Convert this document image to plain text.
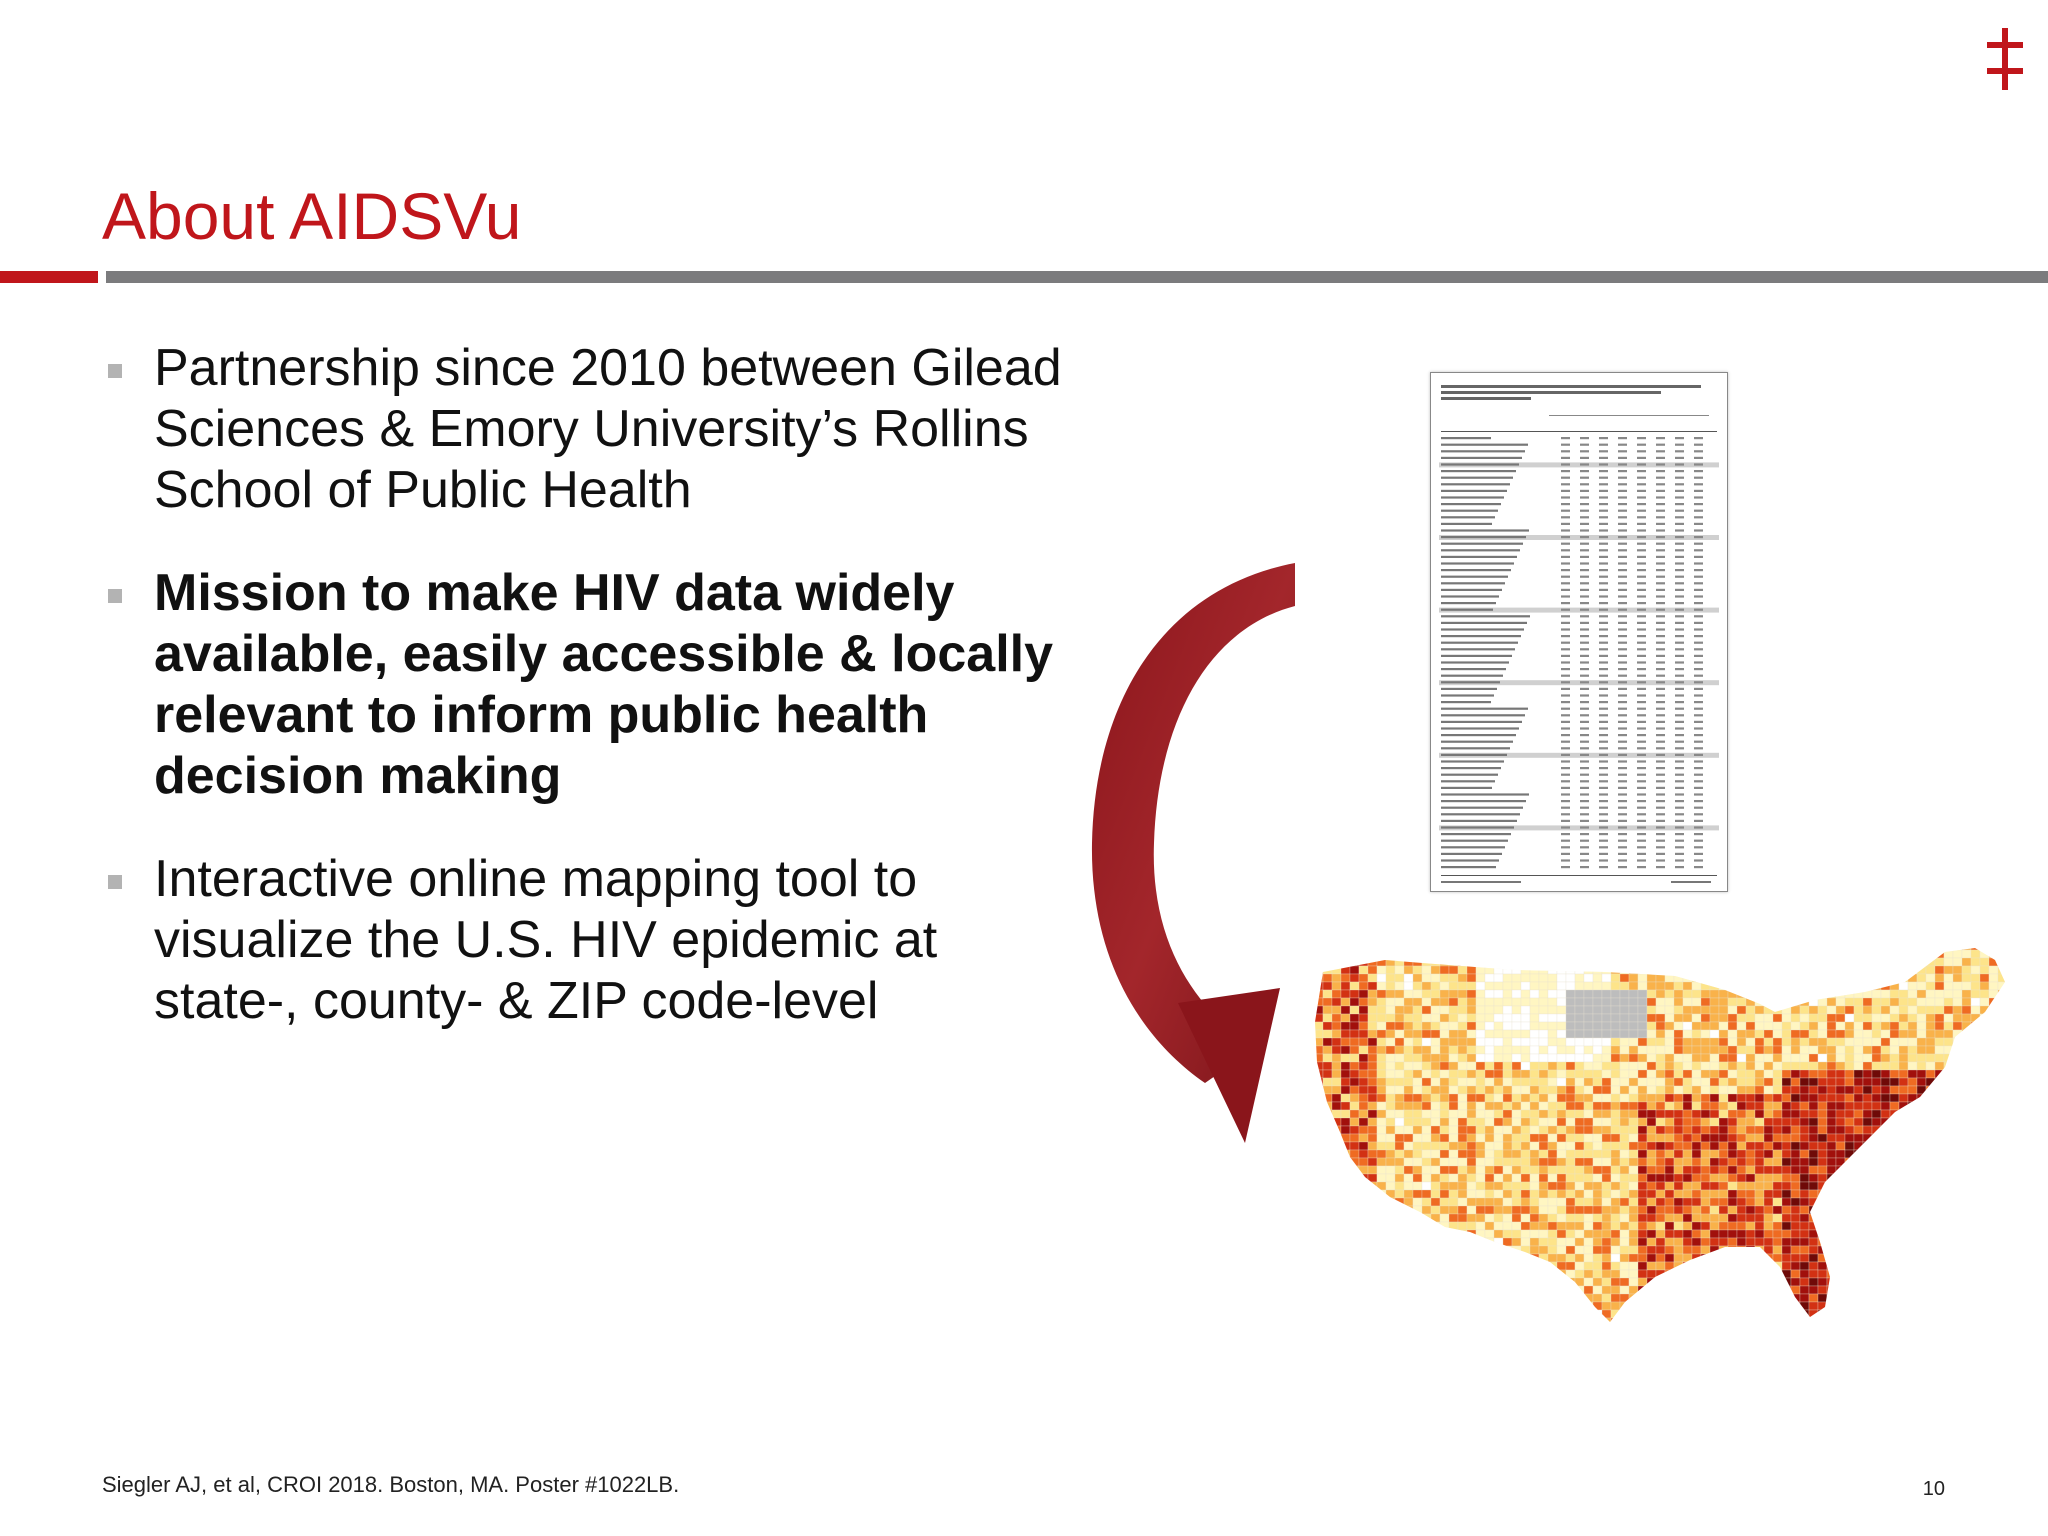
About AIDSVu
Partnership since 2010 between Gilead Sciences & Emory University’s Rollins School of Public Health
Mission to make HIV data widely available, easily accessible & locally relevant to inform public health decision making
Interactive online mapping tool to visualize the U.S. HIV epidemic at state-, county- & ZIP code-level
Siegler AJ, et al, CROI 2018. Boston, MA. Poster #1022LB.	10
